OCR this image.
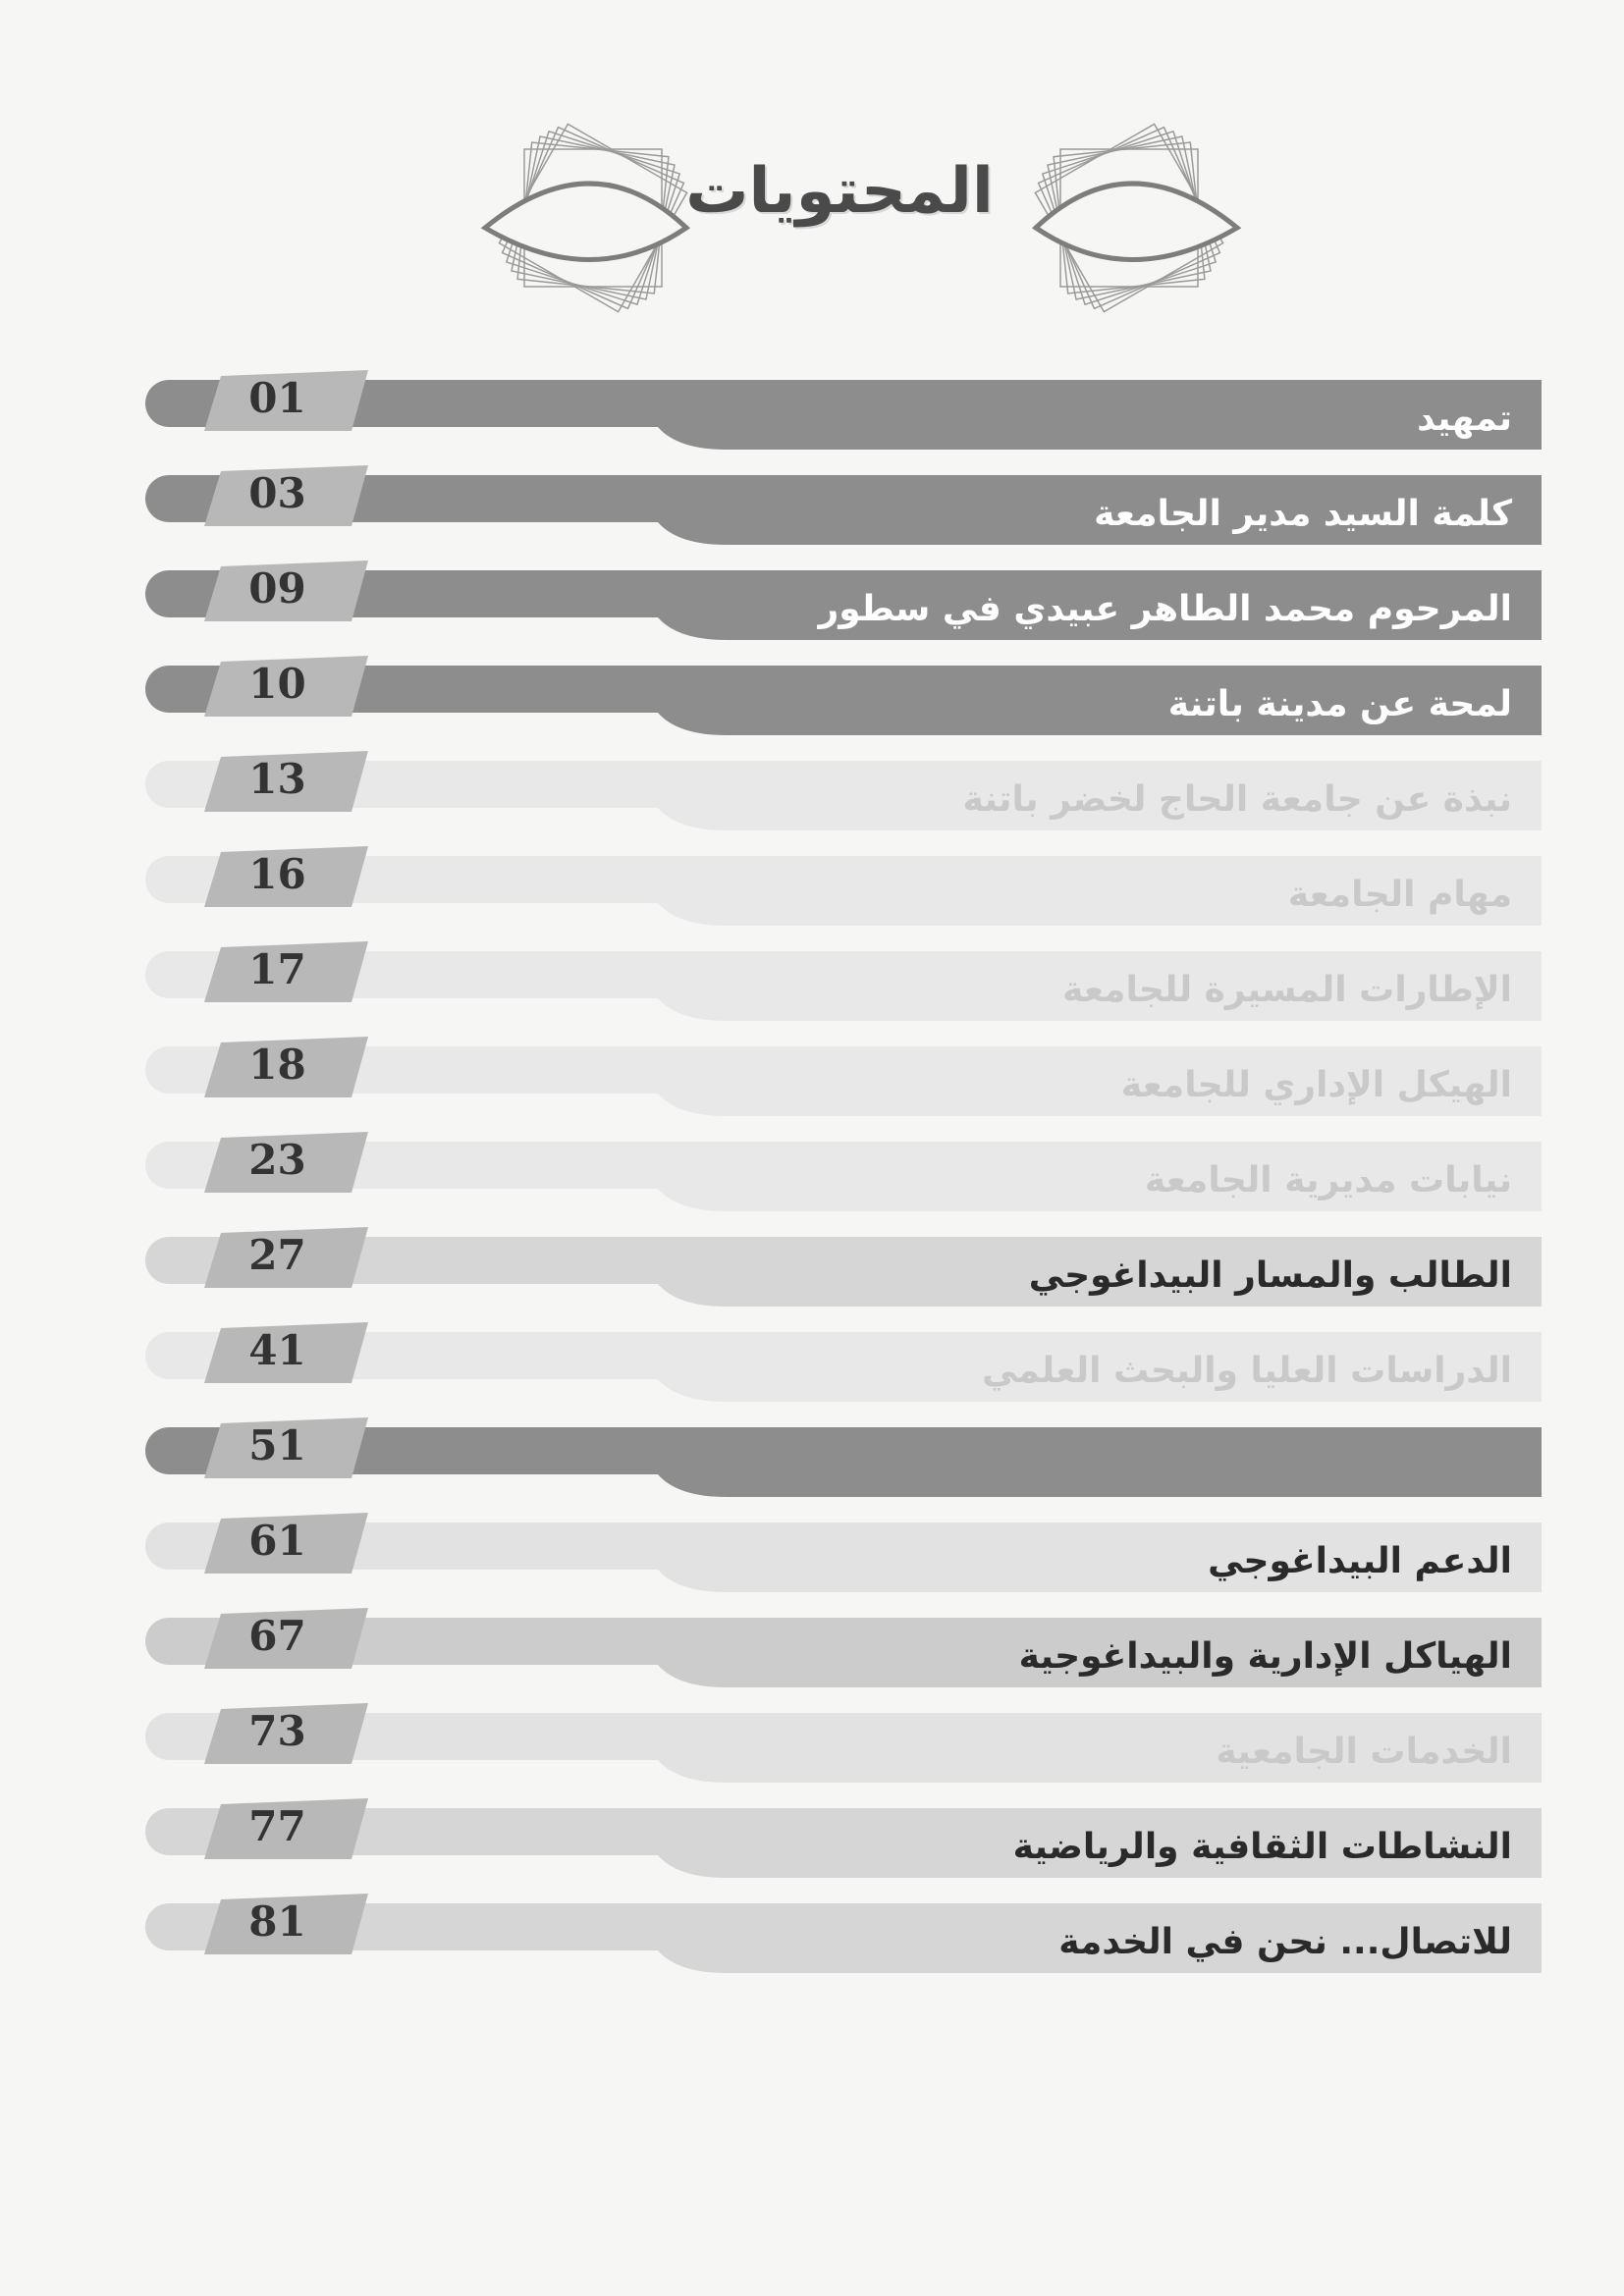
المحتويات
01	تمهيد
03	كلمة السيد مدير الجامعة
09	المرحوم محمد الطاهر عبيدي في سطور
10	لمحة عن مدينة باتنة
13	نبذة عن جامعة الحاج لخضر باتنة
16	مهام الجامعة
17	الإطارات المسيرة للجامعة
18	الهيكل الإداري للجامعة
23	نيابات مديرية الجامعة
27	الطالب والمسار البيداغوجي
41	الدراسات العليا والبحث العلمي
51
61	الدعم البيداغوجي
67	الهياكل الإدارية والبيداغوجية
73	الخدمات الجامعية
77	النشاطات الثقافية والرياضية
81	للاتصال... نحن في الخدمة
